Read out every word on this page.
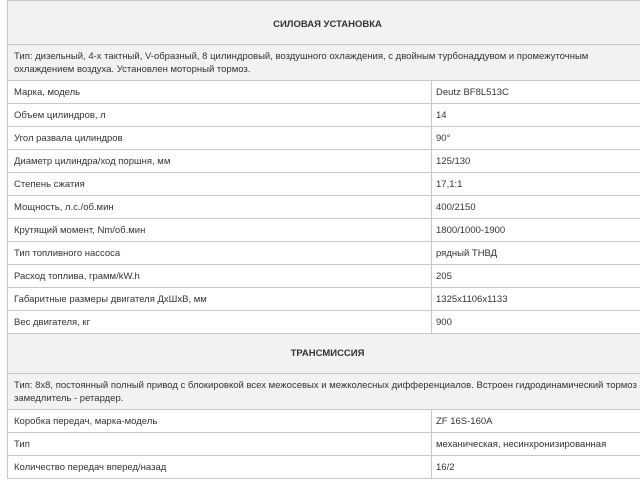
СИЛОВАЯ УСТАНОВКА	
Тип: дизельный, 4-х тактный, V-образный, 8 цилиндровый, воздушного охлаждения, с двойным турбонаддувом и промежуточным охлаждением воздуха. Установлен моторный тормоз.	
Марка, модель	Deutz BF8L513C
Объем цилиндров, л	14
Угол развала цилиндров	90°
Диаметр цилиндра/ход поршня, мм	125/130
Степень сжатия	17,1:1
Мощность, л.с./об.мин	400/2150
Крутящий момент, Nm/об.мин	1800/1000-1900
Тип топливного нассоса	рядный ТНВД
Расход топлива, грамм/kW.h	205
Габаритные размеры двигателя ДхШхВ, мм	1325x1106x1133
Вес двигателя, кг	900
ТРАНСМИССИЯ	
Тип: 8x8, постоянный полный привод с блокировкой всех межосевых и межколесных дифференциалов. Встроен гидродинамический тормоз замедлитель - ретардер.	
Коробка передач, марка-модель	ZF 16S-160A
Тип	механическая, несинхронизированная
Количество передач вперед/назад	16/2
